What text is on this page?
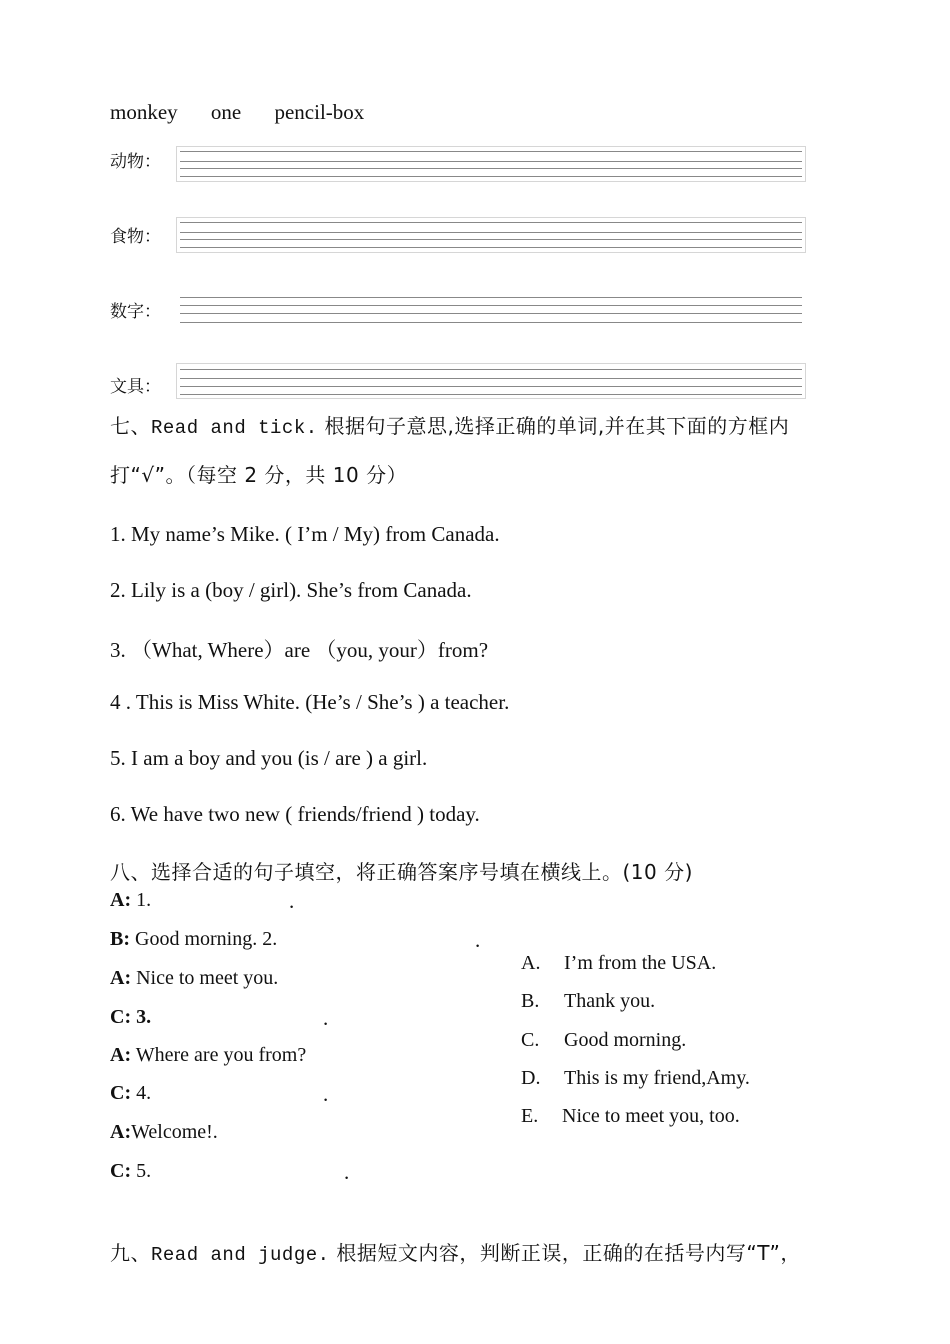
monkey one pencil-box
动物：
食物：
数字：
文具：
七、Read and tick. 根据句子意思,选择正确的单词,并在其下面的方框内
打“√”。（每空 2 分，共 10 分）
1. My name’s Mike. ( I’m / My) from Canada.
2. Lily is a (boy / girl). She’s from Canada.
3. （What, Where）are （you, your）from?
4 . This is Miss White. (He’s / She’s ) a teacher.
5. I am a boy and you (is / are ) a girl.
6. We have two new ( friends/friend ) today.
八、选择合适的句子填空，将正确答案序号填在横线上。(10 分)
A: 1.	.
B: Good morning. 2.	.
A: Nice to meet you.
C: 3.	.
A: Where are you from?
C: 4.	.
A:Welcome!.
C: 5.	.
A. I’m from the USA.
B. Thank you.
C. Good morning.
D. This is my friend,Amy.
E. Nice to meet you, too.
九、Read and judge. 根据短文内容，判断正误，正确的在括号内写“T”，
